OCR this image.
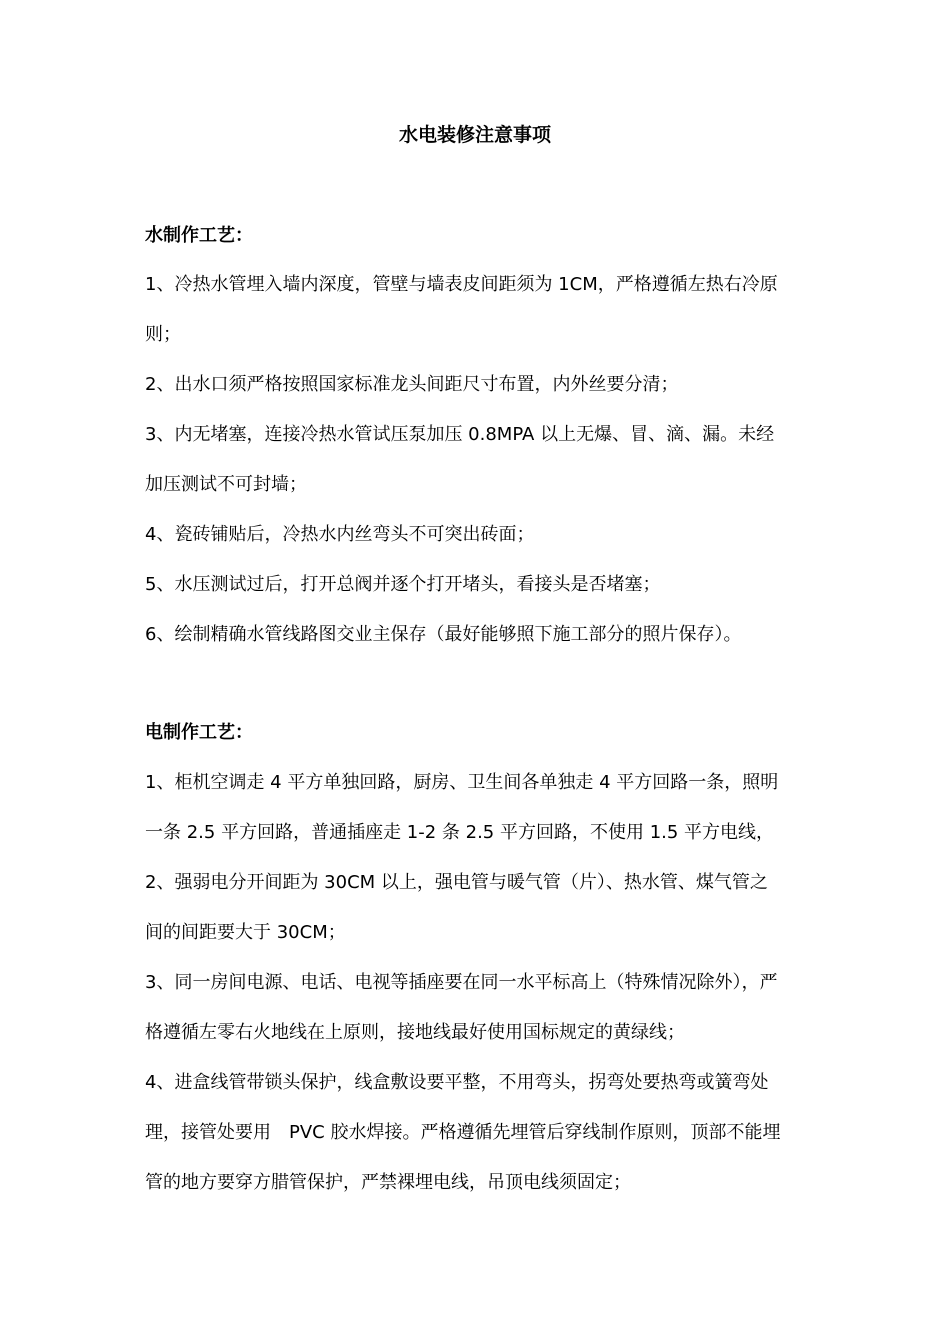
水电装修注意事项
水制作工艺：
1、冷热水管埋入墙内深度，管壁与墙表皮间距须为 1CM，严格遵循左热右冷原
则；
2、出水口须严格按照国家标准龙头间距尺寸布置，内外丝要分清；
3、内无堵塞，连接冷热水管试压泵加压 0.8MPA 以上无爆、冒、滴、漏。未经
加压测试不可封墙；
4、瓷砖铺贴后，冷热水内丝弯头不可突出砖面；
5、水压测试过后，打开总阀并逐个打开堵头，看接头是否堵塞；
6、绘制精确水管线路图交业主保存（最好能够照下施工部分的照片保存）。
电制作工艺：
1、柜机空调走 4 平方单独回路，厨房、卫生间各单独走 4 平方回路一条，照明
一条 2.5 平方回路，普通插座走 1-2 条 2.5 平方回路，不使用 1.5 平方电线，
2、强弱电分开间距为 30CM 以上，强电管与暖气管（片）、热水管、煤气管之
间的间距要大于 30CM；
3、同一房间电源、电话、电视等插座要在同一水平标高上（特殊情况除外），严
格遵循左零右火地线在上原则，接地线最好使用国标规定的黄绿线；
4、进盒线管带锁头保护，线盒敷设要平整，不用弯头，拐弯处要热弯或簧弯处
理，接管处要用　PVC 胶水焊接。严格遵循先埋管后穿线制作原则，顶部不能埋
管的地方要穿方腊管保护，严禁裸埋电线，吊顶电线须固定；
